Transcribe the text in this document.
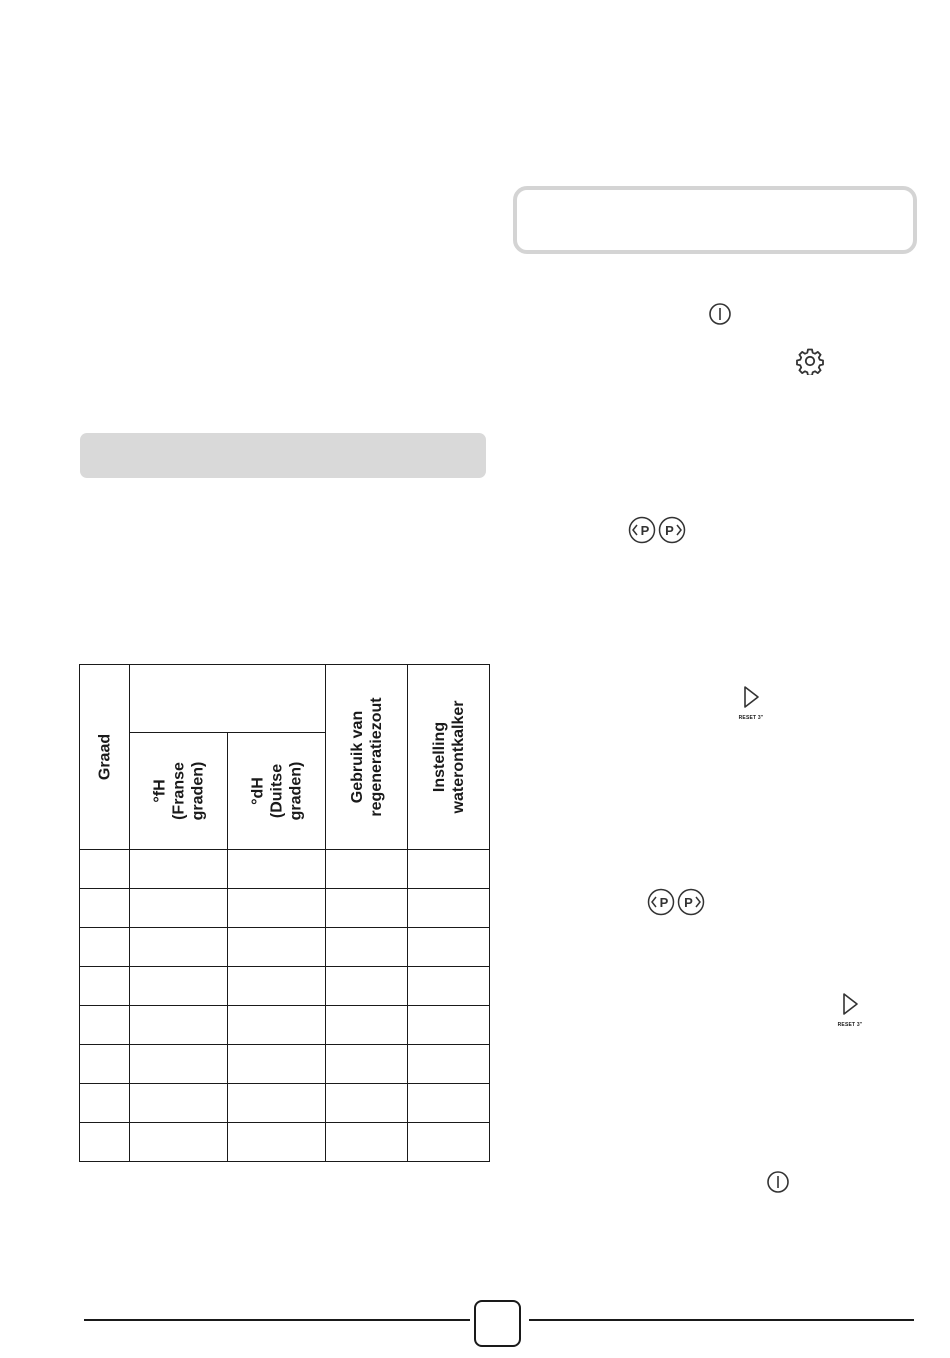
Graad			Gebruik van regeneratiezout	Instelling waterontkalker

	°fH (Franse graden)	°dH (Duitse graden)		

P P
RESET 3"
P P
RESET 3"
